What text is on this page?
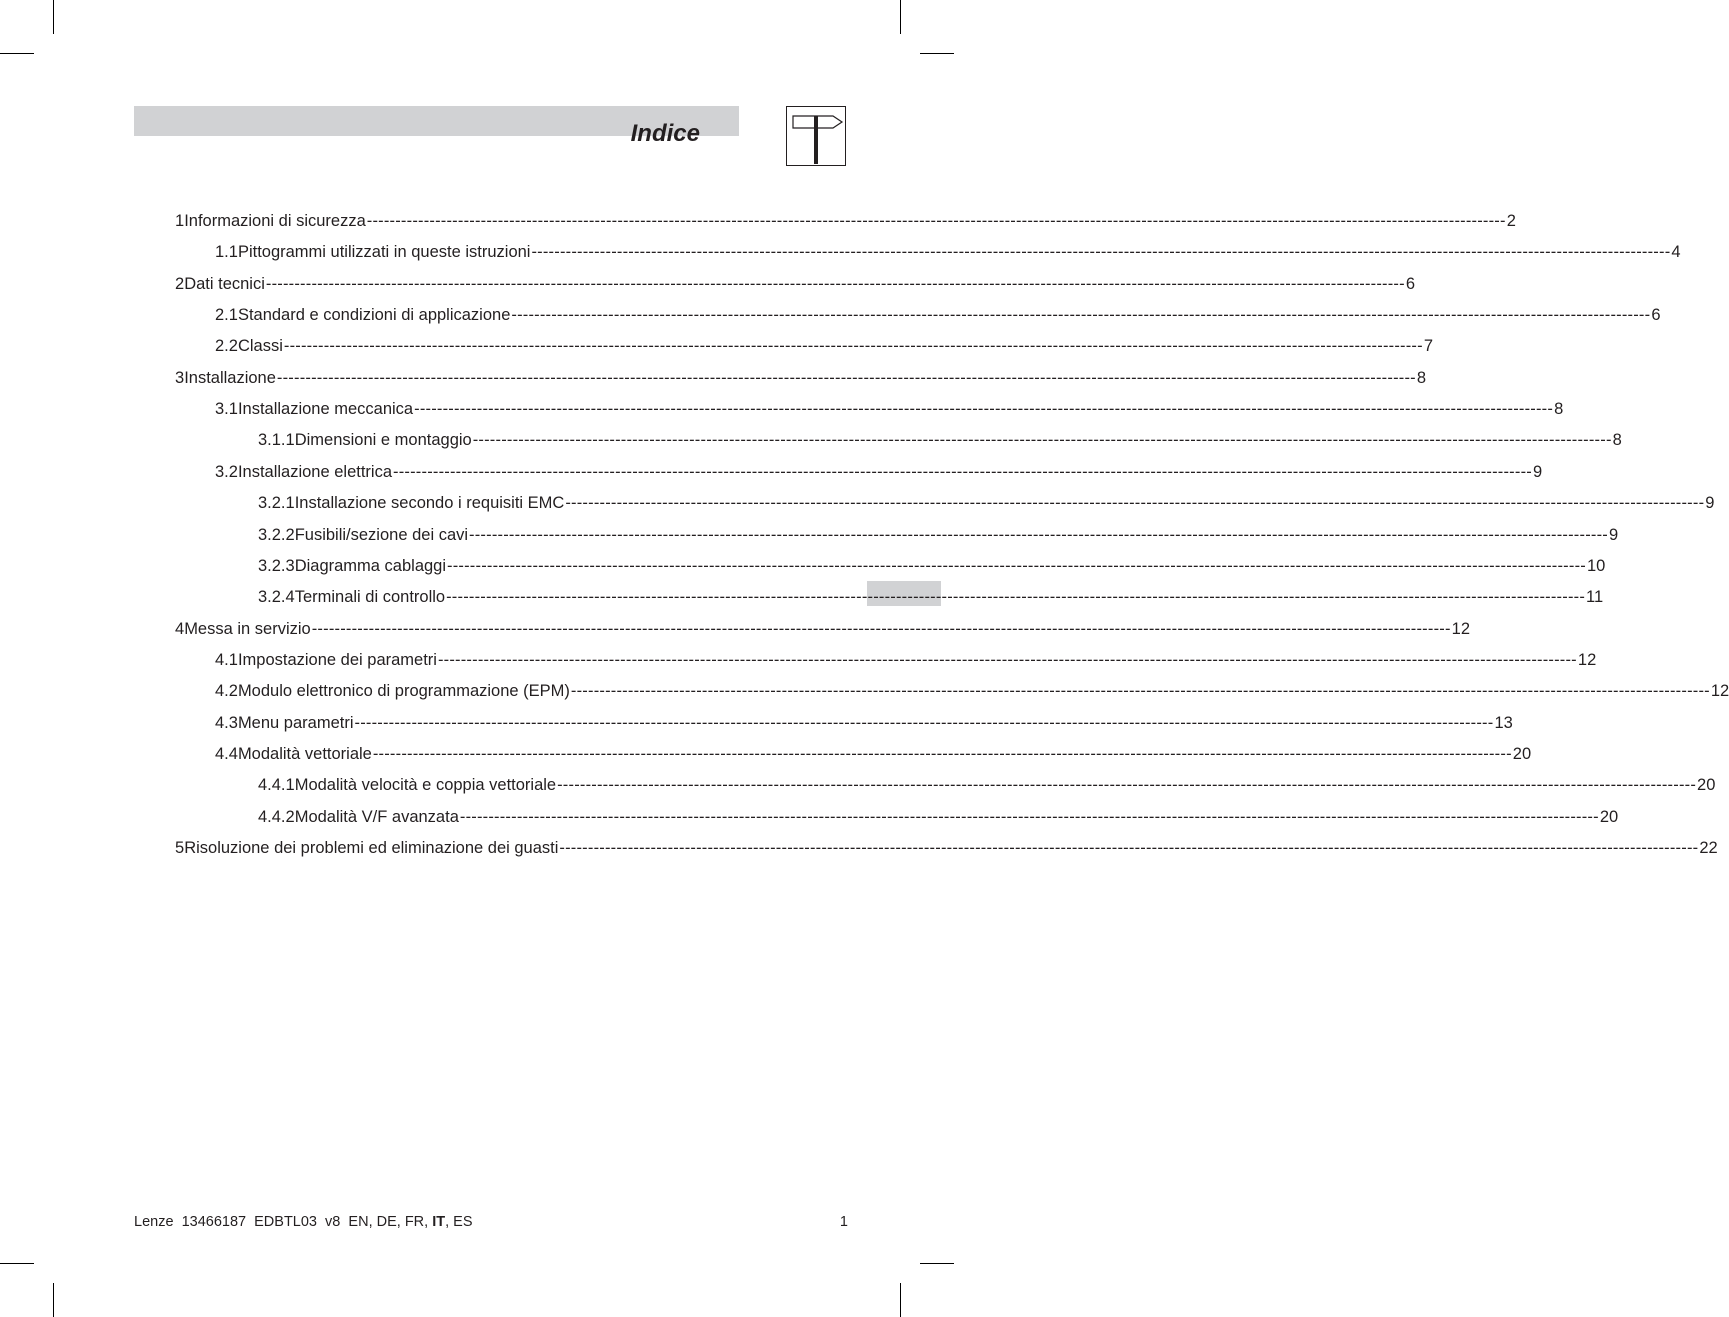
Indice
1 Informazioni di sicurezza -------------------------------------------------------------------------------------------------------------------------------------------------------------------------------------------------------- 2
1.1 Pittogrammi utilizzati in queste istruzioni -------------------------------------------------------------------------------------------------------------------------------------------------------------------------------------------------------- 4
2 Dati tecnici -------------------------------------------------------------------------------------------------------------------------------------------------------------------------------------------------------- 6
2.1 Standard e condizioni di applicazione -------------------------------------------------------------------------------------------------------------------------------------------------------------------------------------------------------- 6
2.2 Classi -------------------------------------------------------------------------------------------------------------------------------------------------------------------------------------------------------- 7
3 Installazione -------------------------------------------------------------------------------------------------------------------------------------------------------------------------------------------------------- 8
3.1 Installazione meccanica -------------------------------------------------------------------------------------------------------------------------------------------------------------------------------------------------------- 8
3.1.1 Dimensioni e montaggio -------------------------------------------------------------------------------------------------------------------------------------------------------------------------------------------------------- 8
3.2 Installazione elettrica -------------------------------------------------------------------------------------------------------------------------------------------------------------------------------------------------------- 9
3.2.1 Installazione secondo i requisiti EMC -------------------------------------------------------------------------------------------------------------------------------------------------------------------------------------------------------- 9
3.2.2 Fusibili/sezione dei cavi -------------------------------------------------------------------------------------------------------------------------------------------------------------------------------------------------------- 9
3.2.3 Diagramma cablaggi -------------------------------------------------------------------------------------------------------------------------------------------------------------------------------------------------------- 10
3.2.4 Terminali di controllo -------------------------------------------------------------------------------------------------------------------------------------------------------------------------------------------------------- 11
4 Messa in servizio -------------------------------------------------------------------------------------------------------------------------------------------------------------------------------------------------------- 12
4.1 Impostazione dei parametri -------------------------------------------------------------------------------------------------------------------------------------------------------------------------------------------------------- 12
4.2 Modulo elettronico di programmazione (EPM) -------------------------------------------------------------------------------------------------------------------------------------------------------------------------------------------------------- 12
4.3 Menu parametri -------------------------------------------------------------------------------------------------------------------------------------------------------------------------------------------------------- 13
4.4 Modalità vettoriale -------------------------------------------------------------------------------------------------------------------------------------------------------------------------------------------------------- 20
4.4.1 Modalità velocità e coppia vettoriale -------------------------------------------------------------------------------------------------------------------------------------------------------------------------------------------------------- 20
4.4.2 Modalità V/F avanzata -------------------------------------------------------------------------------------------------------------------------------------------------------------------------------------------------------- 20
5 Risoluzione dei problemi ed eliminazione dei guasti -------------------------------------------------------------------------------------------------------------------------------------------------------------------------------------------------------- 22
Lenze  13466187  EDBTL03  v8  EN, DE, FR, IT, ES	1
